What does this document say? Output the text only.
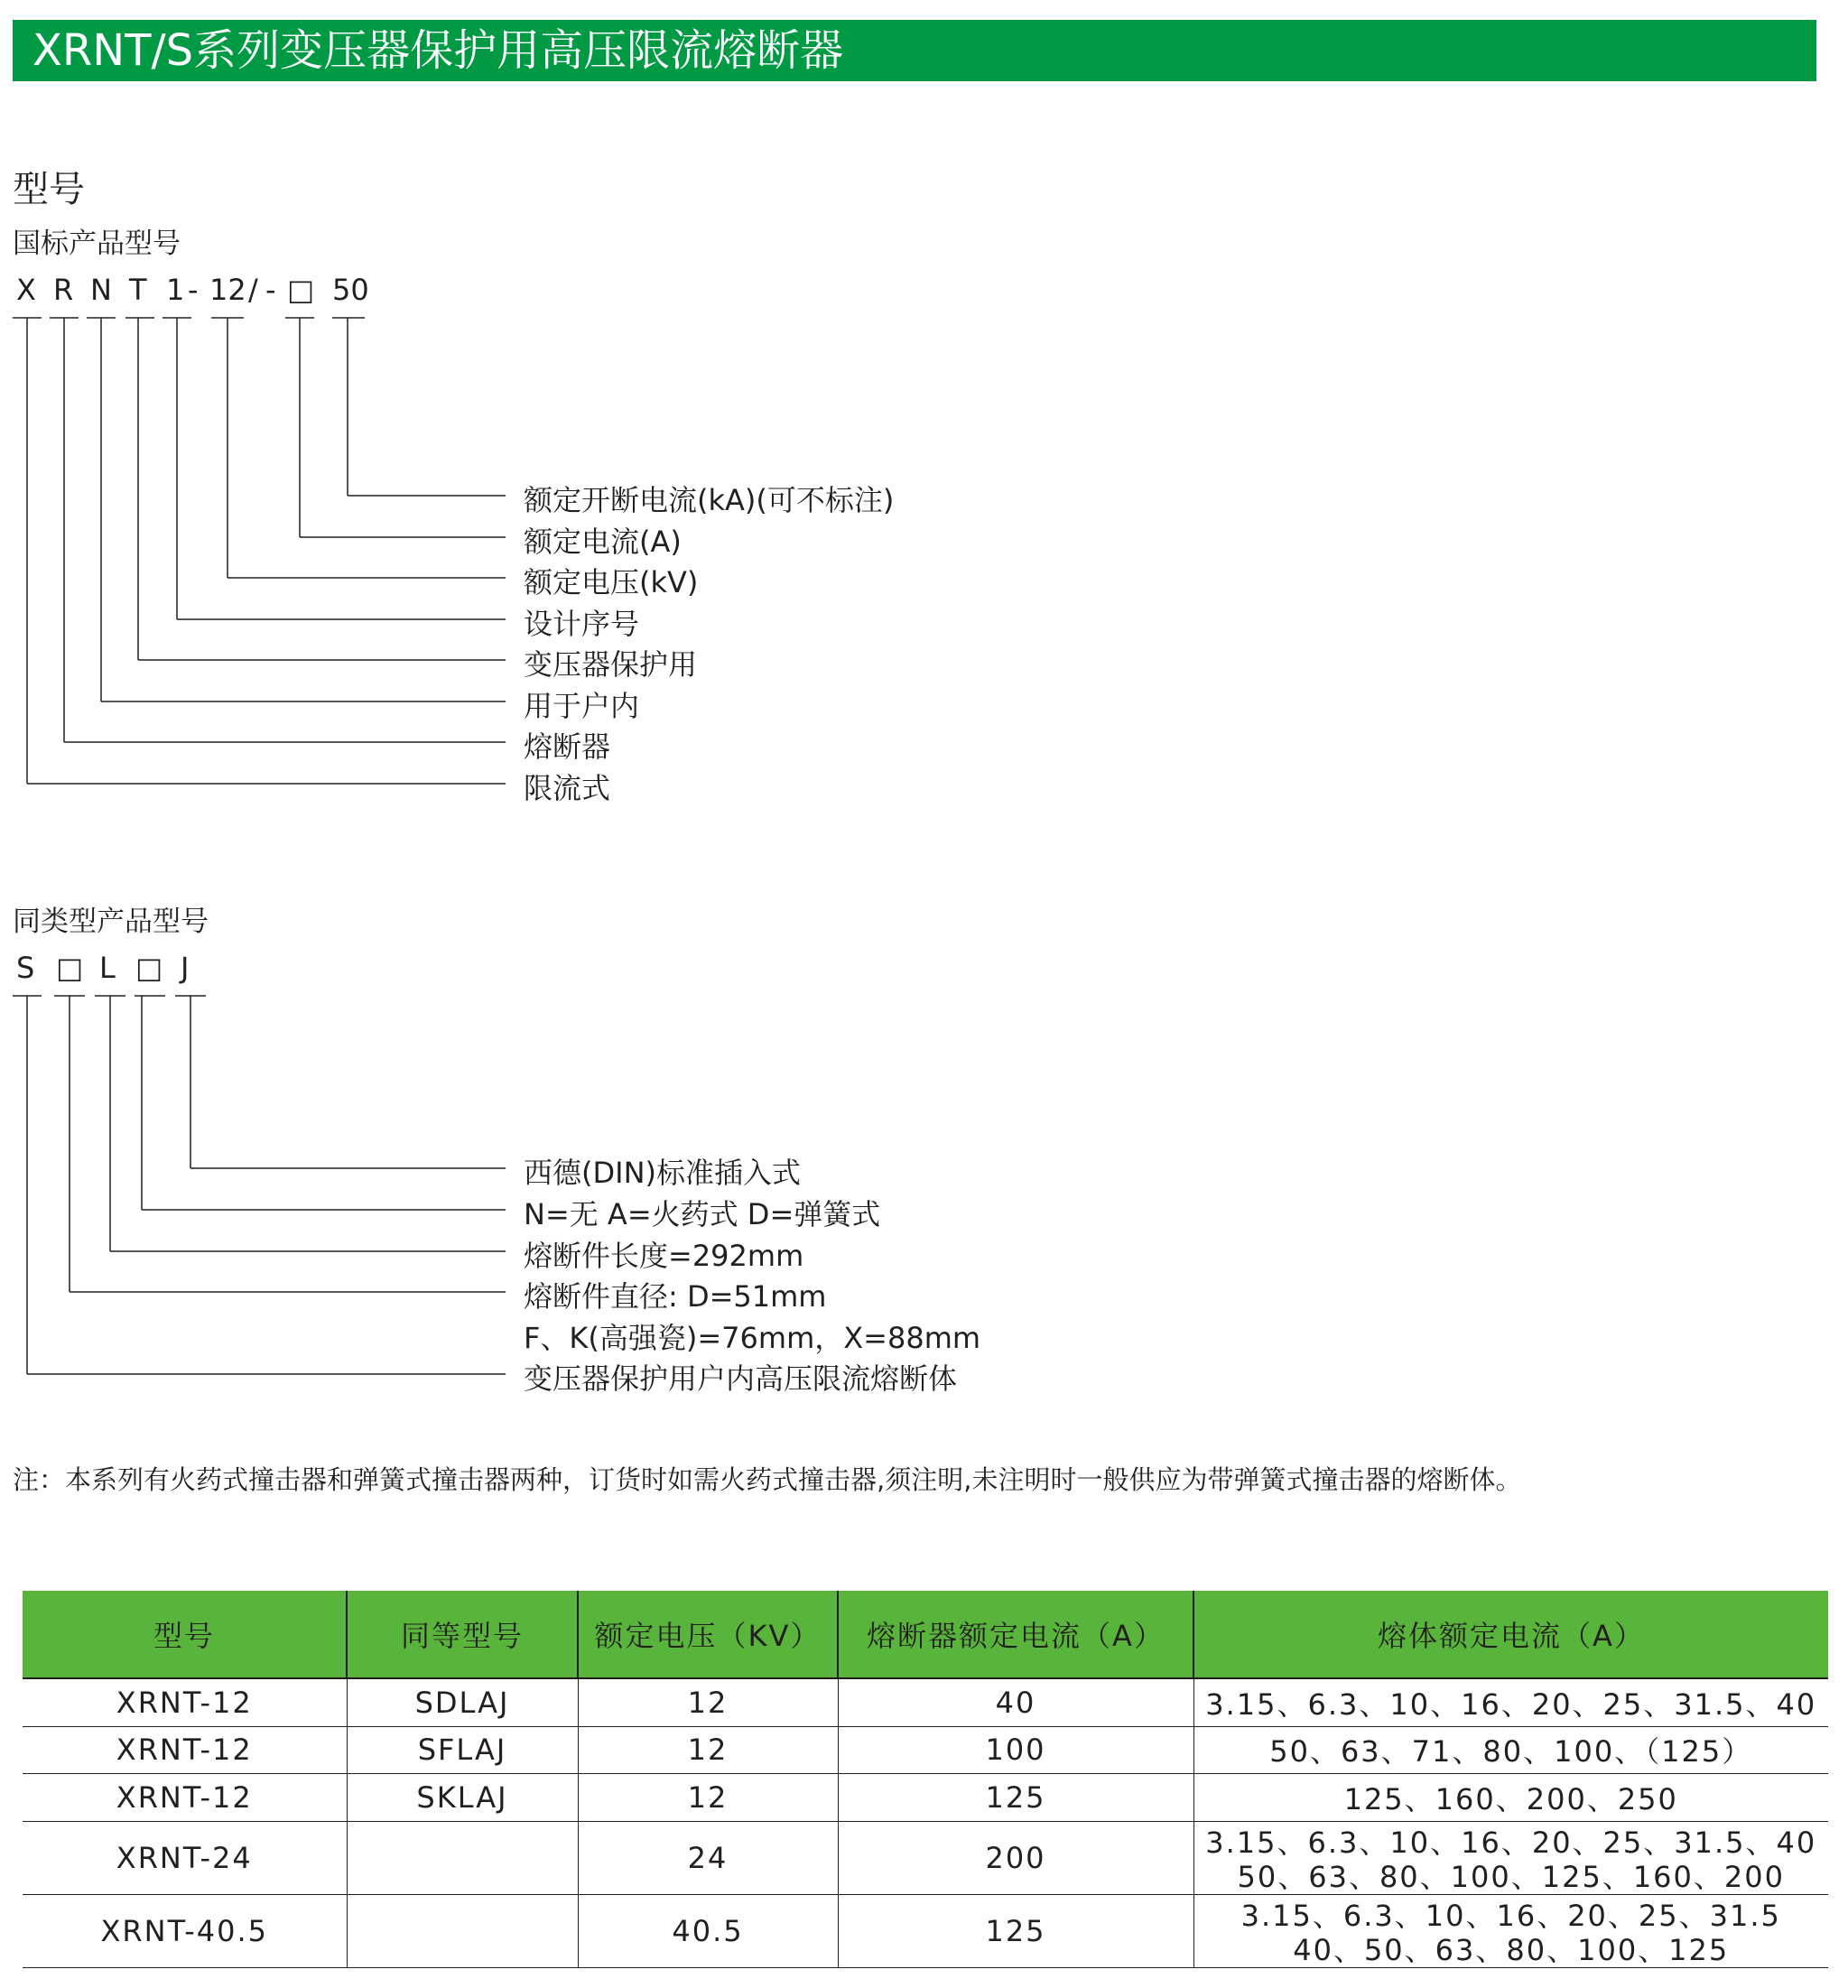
XRNT/S系列变压器保护用高压限流熔断器
型号
国标产品型号
X R N T 1 - 12 / - □ 50
额定开断电流(kA)(可不标注)
额定电流(A)
额定电压(kV)
设计序号
变压器保护用
用于户内
熔断器
限流式
同类型产品型号
S □ L □ J
西德(DIN)标准插入式
N=无 A=火药式 D=弹簧式
熔断件长度=292mm
熔断件直径: D=51mm
F、K(高强瓷)=76mm，X=88mm
变压器保护用户内高压限流熔断体
注：本系列有火药式撞击器和弹簧式撞击器两种，订货时如需火药式撞击器,须注明,未注明时一般供应为带弹簧式撞击器的熔断体。
型号	同等型号	额定电压（KV）	熔断器额定电流（A）	熔体额定电流（A）
XRNT-12	SDLAJ	12	40	3.15、6.3、10、16、20、25、31.5、40
XRNT-12	SFLAJ	12	100	50、63、71、80、100、（125）
XRNT-12	SKLAJ	12	125	125、160、200、250
XRNT-24		24	200	3.15、6.3、10、16、20、25、31.5、40
50、63、80、100、125、160、200

XRNT-40.5		40.5	125	3.15、6.3、10、16、20、25、31.5
40、50、63、80、100、125
